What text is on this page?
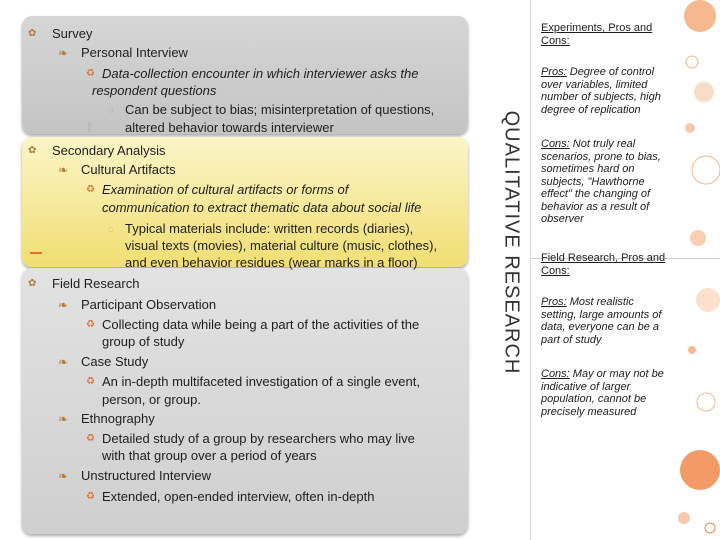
✿ Survey
❧ Personal Interview
♻ Data-collection encounter in which interviewer asks the
respondent questions
◌ Can be subject to bias; misinterpretation of questions,
altered behavior towards interviewer
✿ Secondary Analysis
❧ Cultural Artifacts
♻ Examination of cultural artifacts or forms of
communication to extract thematic data about social life
◌ Typical materials include: written records (diaries),
visual texts (movies), material culture (music, clothes),
and even behavior residues (wear marks in a floor)
✿ Field Research
❧ Participant Observation
♻ Collecting data while being a part of the activities of the
group of study
❧ Case Study
♻ An in-depth multifaceted investigation of a single event,
person, or group.
❧ Ethnography
♻ Detailed study of a group by researchers who may live
with that group over a period of years
❧ Unstructured Interview
♻ Extended, open-ended interview, often in-depth
QUALITATIVE RESEARCH
Experiments, Pros and Cons:
Pros: Degree of control over variables, limited number of subjects, high degree of replication
Cons: Not truly real scenarios, prone to bias, sometimes hard on subjects, "Hawthorne effect" the changing of behavior as a result of observer
Field Research, Pros and Cons:
Pros: Most realistic setting, large amounts of data, everyone can be a part of study
Cons: May or may not be indicative of larger population, cannot be precisely measured
